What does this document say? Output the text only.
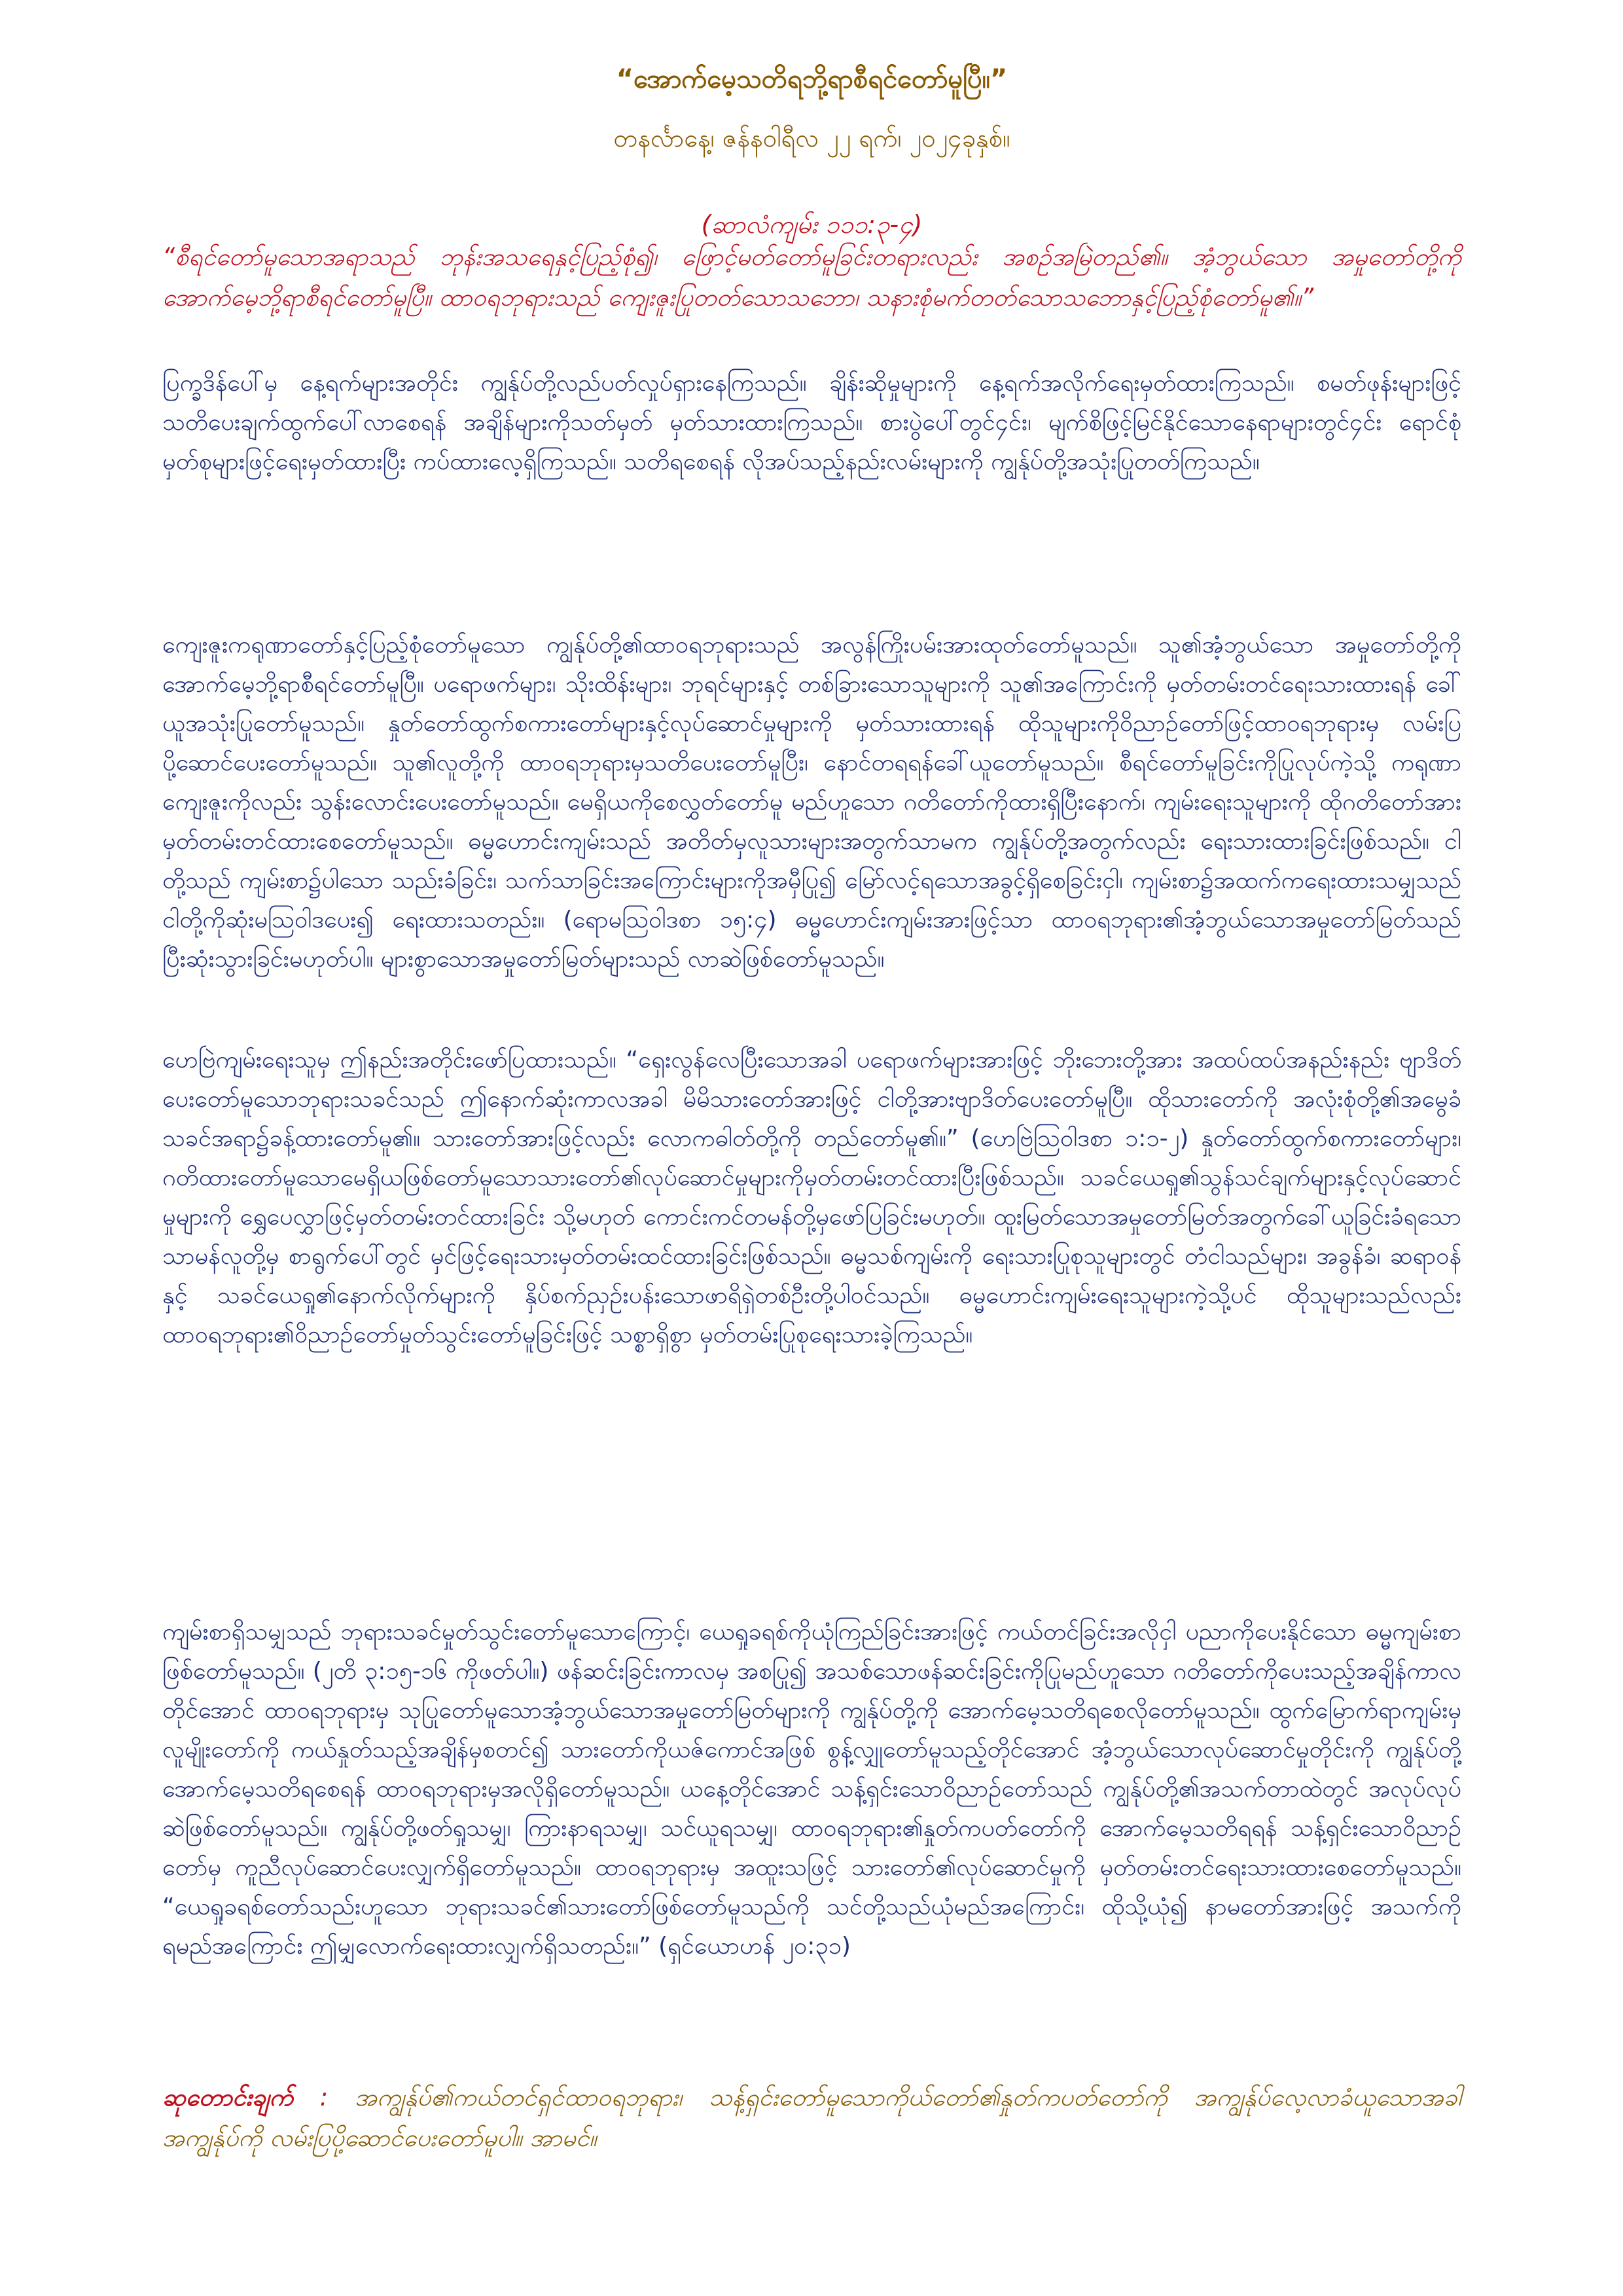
“အောက်မေ့သတိရဘို့ရာစီရင်တော်မူပြီ။”
တနင်္လာနေ့၊ ဇန်နဝါရီလ ၂၂ ရက်၊ ၂၀၂၄ခုနှစ်။
(ဆာလံကျမ်း ၁၁၁:၃-၄)
“စီရင်တော်မူသောအရာသည် ဘုန်းအသရေနှင့်ပြည့်စုံ၍၊ ဖြောင့်မတ်တော်မူခြင်းတရားလည်း အစဉ်အမြဲတည်၏။ အံ့ဘွယ်သော အမှုတော်တို့ကိုအောက်မေ့ဘို့ရာစီရင်တော်မူပြီ။ ထာဝရဘုရားသည် ကျေးဇူးပြုတတ်သောသဘော၊ သနားစုံမက်တတ်သောသဘောနှင့်ပြည့်စုံတော်မူ၏။”
ပြက္ခဒိန်ပေါ်မှ နေ့ရက်များအတိုင်း ကျွန်ုပ်တို့လည်ပတ်လှုပ်ရှားနေကြသည်။ ချိန်းဆိုမှုများကို နေ့ရက်အလိုက်ရေးမှတ်ထားကြသည်။ စမတ်ဖုန်းများဖြင့် သတိပေးချက်ထွက်ပေါ်လာစေရန် အချိန်များကိုသတ်မှတ် မှတ်သားထားကြသည်။ စားပွဲပေါ်တွင်၄င်း၊ မျက်စိဖြင့်မြင်နိုင်သောနေရာများတွင်၄င်း ရောင်စုံမှတ်စုများဖြင့်ရေးမှတ်ထားပြီး ကပ်ထားလေ့ရှိကြသည်။ သတိရစေရန် လိုအပ်သည့်နည်းလမ်းများကို ကျွန်ုပ်တို့အသုံးပြုတတ်ကြသည်။
ကျေးဇူးကရုဏာတော်နှင့်ပြည့်စုံတော်မူသော ကျွန်ုပ်တို့၏ထာဝရဘုရားသည် အလွန်ကြိုးပမ်းအားထုတ်တော်မူသည်။ သူ၏အံ့ဘွယ်သော အမှုတော်တို့ကိုအောက်မေ့ဘို့ရာစီရင်တော်မူပြီ။ ပရောဖက်များ၊ သိုးထိန်းများ၊ ဘုရင်များနှင့် တစ်ခြားသောသူများကို သူ၏အကြောင်းကို မှတ်တမ်းတင်ရေးသားထားရန် ခေါ်ယူအသုံးပြုတော်မူသည်။ နှုတ်တော်ထွက်စကားတော်များနှင့်လုပ်ဆောင်မှုများကို မှတ်သားထားရန် ထိုသူများကိုဝိညာဉ်တော်ဖြင့်ထာဝရဘုရားမှ လမ်းပြပို့ဆောင်ပေးတော်မူသည်။ သူ၏လူတို့ကို ထာဝရဘုရားမှသတိပေးတော်မူပြီး၊ နောင်တရရန်ခေါ်ယူတော်မူသည်။ စီရင်တော်မူခြင်းကိုပြုလုပ်ကဲ့သို့ ကရုဏာကျေးဇူးကိုလည်း သွန်းလောင်းပေးတော်မူသည်။ မေရှိယကိုစေလွှတ်တော်မူ မည်ဟူသော ဂတိတော်ကိုထားရှိပြီးနောက်၊ ကျမ်းရေးသူများကို ထိုဂတိတော်အားမှတ်တမ်းတင်ထားစေတော်မူသည်။ ဓမ္မဟောင်းကျမ်းသည် အတိတ်မှလူသားများအတွက်သာမက ကျွန်ုပ်တို့အတွက်လည်း ရေးသားထားခြင်းဖြစ်သည်။ ငါတို့သည် ကျမ်းစာ၌ပါသော သည်းခံခြင်း၊ သက်သာခြင်းအကြောင်းများကိုအမှီပြု၍ မြော်လင့်ရသောအခွင့်ရှိစေခြင်းငှါ၊ ကျမ်းစာ၌အထက်ကရေးထားသမျှသည် ငါတို့ကိုဆုံးမသြဝါဒပေး၍ ရေးထားသတည်း။ (ရောမသြဝါဒစာ ၁၅:၄) ဓမ္မဟောင်းကျမ်းအားဖြင့်သာ ထာဝရဘုရား၏အံ့ဘွယ်သောအမှုတော်မြတ်သည် ပြီးဆုံးသွားခြင်းမဟုတ်ပါ။ များစွာသောအမှုတော်မြတ်များသည် လာဆဲဖြစ်တော်မူသည်။
ဟေဗြဲကျမ်းရေးသူမှ ဤနည်းအတိုင်းဖော်ပြထားသည်။ “ရှေးလွန်လေပြီးသောအခါ ပရောဖက်များအားဖြင့် ဘိုးဘေးတို့အား အထပ်ထပ်အနည်းနည်း ဗျာဒိတ်ပေးတော်မူသောဘုရားသခင်သည် ဤနောက်ဆုံးကာလအခါ မိမိသားတော်အားဖြင့် ငါတို့အားဗျာဒိတ်ပေးတော်မူပြီ။ ထိုသားတော်ကို အလုံးစုံတို့၏အမွေခံ သခင်အရာ၌ခန့်ထားတော်မူ၏။ သားတော်အားဖြင့်လည်း လောကဓါတ်တို့ကို တည်တော်မူ၏။” (ဟေဗြဲသြဝါဒစာ ၁:၁-၂) နှုတ်တော်ထွက်စကားတော်များ၊ ဂတိထားတော်မူသောမေရှိယဖြစ်တော်မူသောသားတော်၏လုပ်ဆောင်မှုများကိုမှတ်တမ်းတင်ထားပြီးဖြစ်သည်။ သခင်ယေရှု၏သွန်သင်ချက်များနှင့်လုပ်ဆောင်မှုများကို ရွှေပေလွှာဖြင့်မှတ်တမ်းတင်ထားခြင်း သို့မဟုတ် ကောင်းကင်တမန်တို့မှဖော်ပြခြင်းမဟုတ်။ ထူးမြတ်သောအမှုတော်မြတ်အတွက်ခေါ်ယူခြင်းခံရသော သာမန်လူတို့မှ စာရွက်ပေါ်တွင် မှင်ဖြင့်ရေးသားမှတ်တမ်းထင်ထားခြင်းဖြစ်သည်။ ဓမ္မသစ်ကျမ်းကို ရေးသားပြုစုသူများတွင် တံငါသည်များ၊ အခွန်ခံ၊ ဆရာဝန်နှင့် သခင်ယေရှု၏နောက်လိုက်များကို နှိပ်စက်ညှဉ်းပန်းသောဖာရိရှဲတစ်ဦးတို့ပါဝင်သည်။ ဓမ္မဟောင်းကျမ်းရေးသူများကဲ့သို့ပင် ထိုသူများသည်လည်း ထာဝရဘုရား၏ဝိညာဉ်တော်မှုတ်သွင်းတော်မူခြင်းဖြင့် သစ္စာရှိစွာ မှတ်တမ်းပြုစုရေးသားခဲ့ကြသည်။
ကျမ်းစာရှိသမျှသည် ဘုရားသခင်မှုတ်သွင်းတော်မူသောကြောင့်၊ ယေရှုခရစ်ကိုယုံကြည်ခြင်းအားဖြင့် ကယ်တင်ခြင်းအလိုငှါ ပညာကိုပေးနိုင်သော ဓမ္မကျမ်းစာဖြစ်တော်မူသည်။ (၂တိ ၃:၁၅-၁၆ ကိုဖတ်ပါ။) ဖန်ဆင်းခြင်းကာလမှ အစပြု၍ အသစ်သောဖန်ဆင်းခြင်းကိုပြုမည်ဟူသော ဂတိတော်ကိုပေးသည့်အချိန်ကာလတိုင်အောင် ထာဝရဘုရားမှ သုပြုတော်မူသောအံ့ဘွယ်သောအမှုတော်မြတ်များကို ကျွန်ုပ်တို့ကို အောက်မေ့သတိရစေလိုတော်မူသည်။ ထွက်မြောက်ရာကျမ်းမှ လူမျိုးတော်ကို ကယ်နှုတ်သည့်အချိန်မှစတင်၍ သားတော်ကိုယဇ်ကောင်အဖြစ် စွန့်လျှုတော်မူသည့်တိုင်အောင် အံ့ဘွယ်သောလုပ်ဆောင်မှုတိုင်းကို ကျွန်ုပ်တို့အောက်မေ့သတိရစေရန် ထာဝရဘုရားမှအလိုရှိတော်မူသည်။ ယနေ့တိုင်အောင် သန့်ရှင်းသောဝိညာဉ်တော်သည် ကျွန်ုပ်တို့၏အသက်တာထဲတွင် အလုပ်လုပ်ဆဲဖြစ်တော်မူသည်။ ကျွန်ုပ်တို့ဖတ်ရှုသမျှ၊ ကြားနာရသမျှ၊ သင်ယူရသမျှ၊ ထာဝရဘုရား၏နှုတ်ကပတ်တော်ကို အောက်မေ့သတိရရန် သန့်ရှင်းသောဝိညာဉ်တော်မှ ကူညီလုပ်ဆောင်ပေးလျှက်ရှိတော်မူသည်။ ထာဝရဘုရားမှ အထူးသဖြင့် သားတော်၏လုပ်ဆောင်မှုကို မှတ်တမ်းတင်ရေးသားထားစေတော်မူသည်။ “ယေရှုခရစ်တော်သည်းဟူသော ဘုရားသခင်၏သားတော်ဖြစ်တော်မူသည်ကို သင်တို့သည်ယုံမည်အကြောင်း၊ ထိုသို့ယုံ၍ နာမတော်အားဖြင့် အသက်ကိုရမည်အကြောင်း ဤမျှလောက်ရေးထားလျှက်ရှိသတည်း။” (ရှင်ယောဟန် ၂၀:၃၁)
ဆုတောင်းချက် : အကျွန်ုပ်၏ကယ်တင်ရှင်ထာဝရဘုရား၊ သန့်ရှင်းတော်မူသောကိုယ်တော်၏နှုတ်ကပတ်တော်ကို အကျွန်ုပ်လေ့လာခံယူသောအခါ အကျွန်ုပ်ကို လမ်းပြပို့ဆောင်ပေးတော်မူပါ။ အာမင်။
